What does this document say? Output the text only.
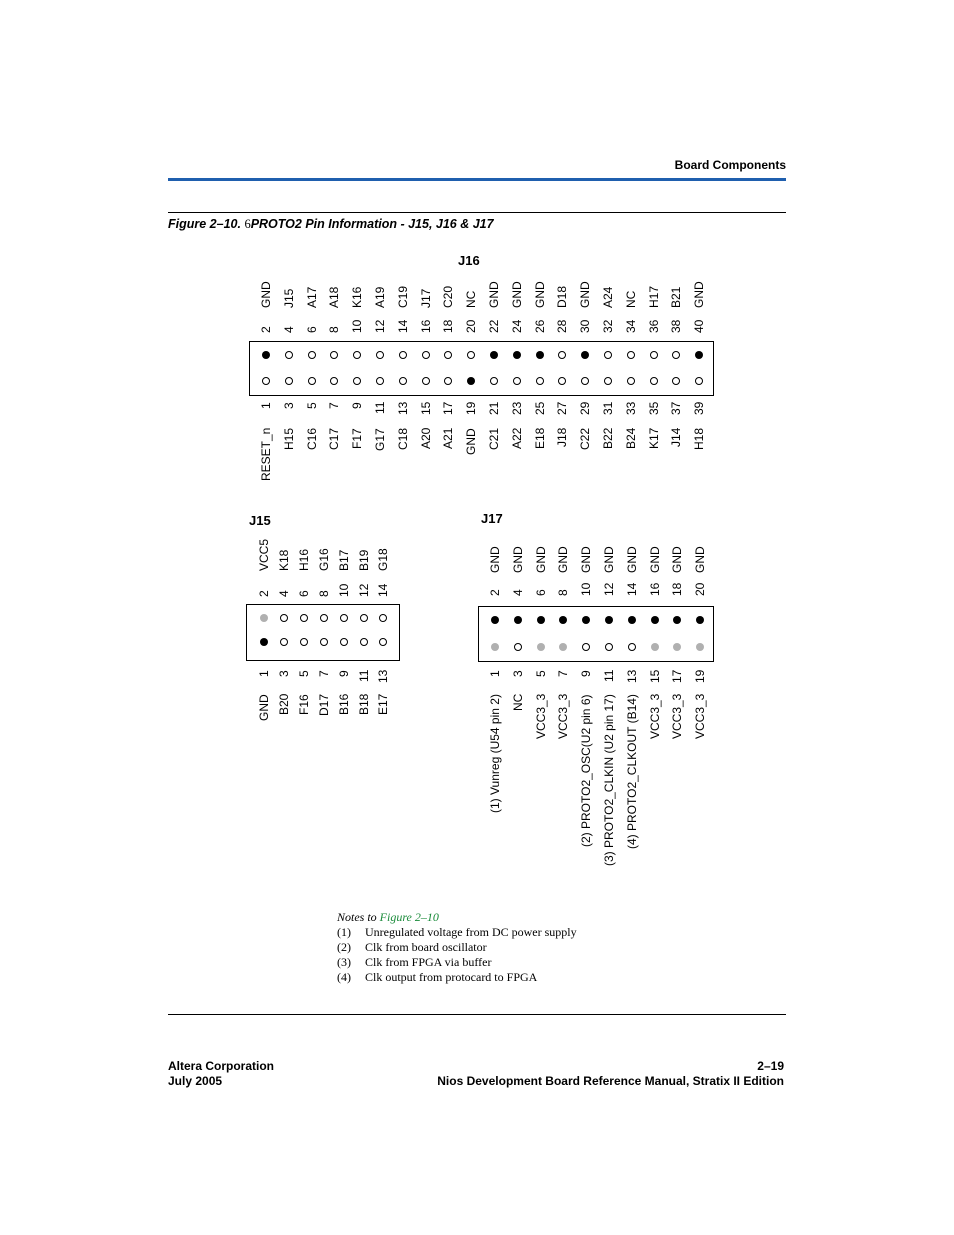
Board Components
Figure 2–10. 6PROTO2 Pin Information - J15, J16 & J17
J16
J15	J17
2
GND
4
J15
6
A17
8
A18
10
K16
12
A19
14
C19
16
J17
18
C20
20
NC
22
GND
24
GND
26
GND
28
D18
30
GND
32
A24
34
NC
36
H17
38
B21
40
GND
1
RESET_n
3
H15
5
C16
7
C17
9
F17
11
G17
13
C18
15
A20
17
A21
19
GND
21
C21
23
A22
25
E18
27
J18
29
C22
31
B22
33
B24
35
K17
37
J14
39
H18
2
VCC5
4
K18
6
H16
8
G16
10
B17
12
B19
14
G18
1
GND
3
B20
5
F16
7
D17
9
B16
11
B18
13
E17
2
GND
4
GND
6
GND
8
GND
10
GND
12
GND
14
GND
16
GND
18
GND
20
GND
1
(1) Vunreg (U54 pin 2)
3
NC
5
VCC3_3
7
VCC3_3
9
(2) PROTO2_OSC(U2 pin 6)
11
(3) PROTO2_CLKIN (U2 pin 17)
13
(4) PROTO2_CLKOUT (B14)
15
VCC3_3
17
VCC3_3
19
VCC3_3
Notes to Figure 2–10
(1) Unregulated voltage from DC power supply
(2) Clk from board oscillator
(3) Clk from FPGA via buffer
(4) Clk output from protocard to FPGA
Altera Corporation
July 2005
2–19
Nios Development Board Reference Manual, Stratix II Edition
